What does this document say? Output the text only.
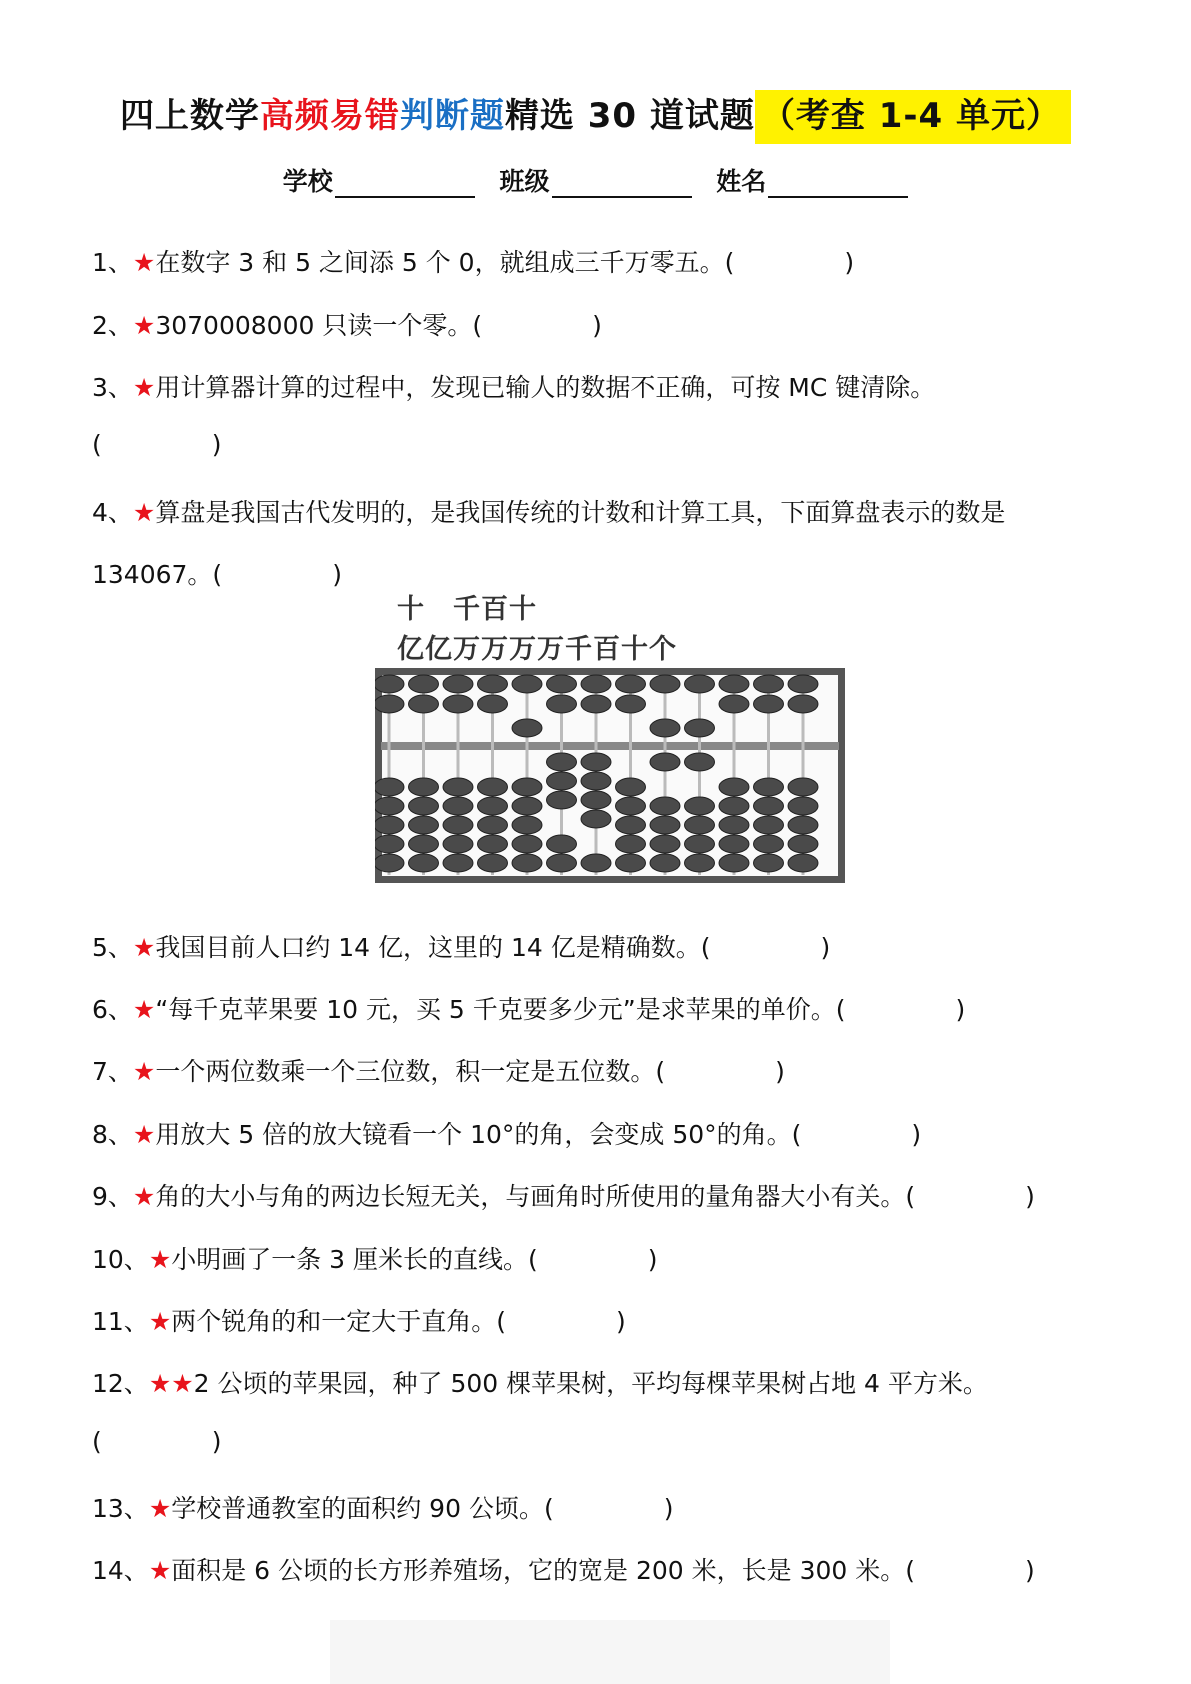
四上数学高频易错判断题精选 30 道试题 （考查 1-4 单元）
学校	班级	姓名
1、★在数字 3 和 5 之间添 5 个 0，就组成三千万零五。(	)
2、★3070008000 只读一个零。(	)
3、★用计算器计算的过程中，发现已输人的数据不正确，可按 MC 键清除。
(	)
4、★算盘是我国古代发明的，是我国传统的计数和计算工具，下面算盘表示的数是
134067。(	)
5、★我国目前人口约 14 亿，这里的 14 亿是精确数。(	)
6、★“每千克苹果要 10 元，买 5 千克要多少元”是求苹果的单价。(	)
7、★一个两位数乘一个三位数，积一定是五位数。(	)
8、★用放大 5 倍的放大镜看一个 10°的角，会变成 50°的角。(	)
9、★角的大小与角的两边长短无关，与画角时所使用的量角器大小有关。(	)
10、★小明画了一条 3 厘米长的直线。(	)
11、★两个锐角的和一定大于直角。(	)
12、★★2 公顷的苹果园，种了 500 棵苹果树，平均每棵苹果树占地 4 平方米。
(	)
13、★学校普通教室的面积约 90 公顷。(	)
14、★面积是 6 公顷的长方形养殖场，它的宽是 200 米，长是 300 米。(	)
十　千百十
亿亿万万万万千百十个
